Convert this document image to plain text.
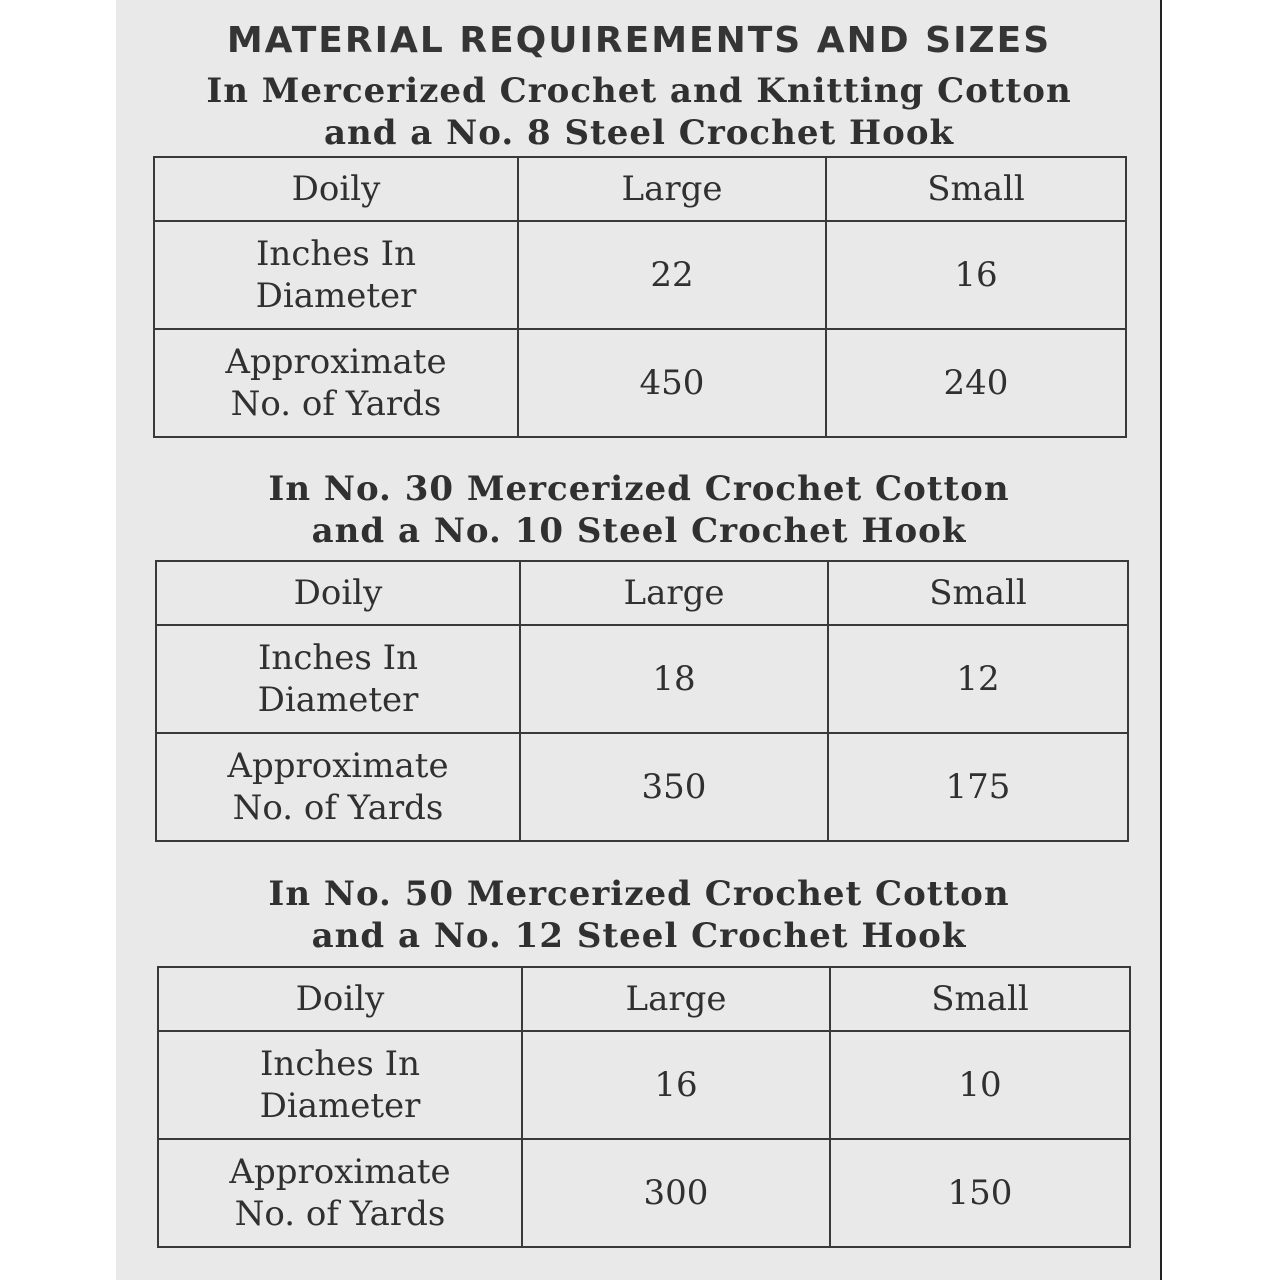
MATERIAL REQUIREMENTS AND SIZES
In Mercerized Crochet and Knitting Cotton
and a No. 8 Steel Crochet Hook
Doily	Large	Small

Inches In
Diameter	22	16

Approximate
No. of Yards	450	240
In No. 30 Mercerized Crochet Cotton
and a No. 10 Steel Crochet Hook
Doily	Large	Small

Inches In
Diameter	18	12

Approximate
No. of Yards	350	175
In No. 50 Mercerized Crochet Cotton
and a No. 12 Steel Crochet Hook
Doily	Large	Small

Inches In
Diameter	16	10

Approximate
No. of Yards	300	150
